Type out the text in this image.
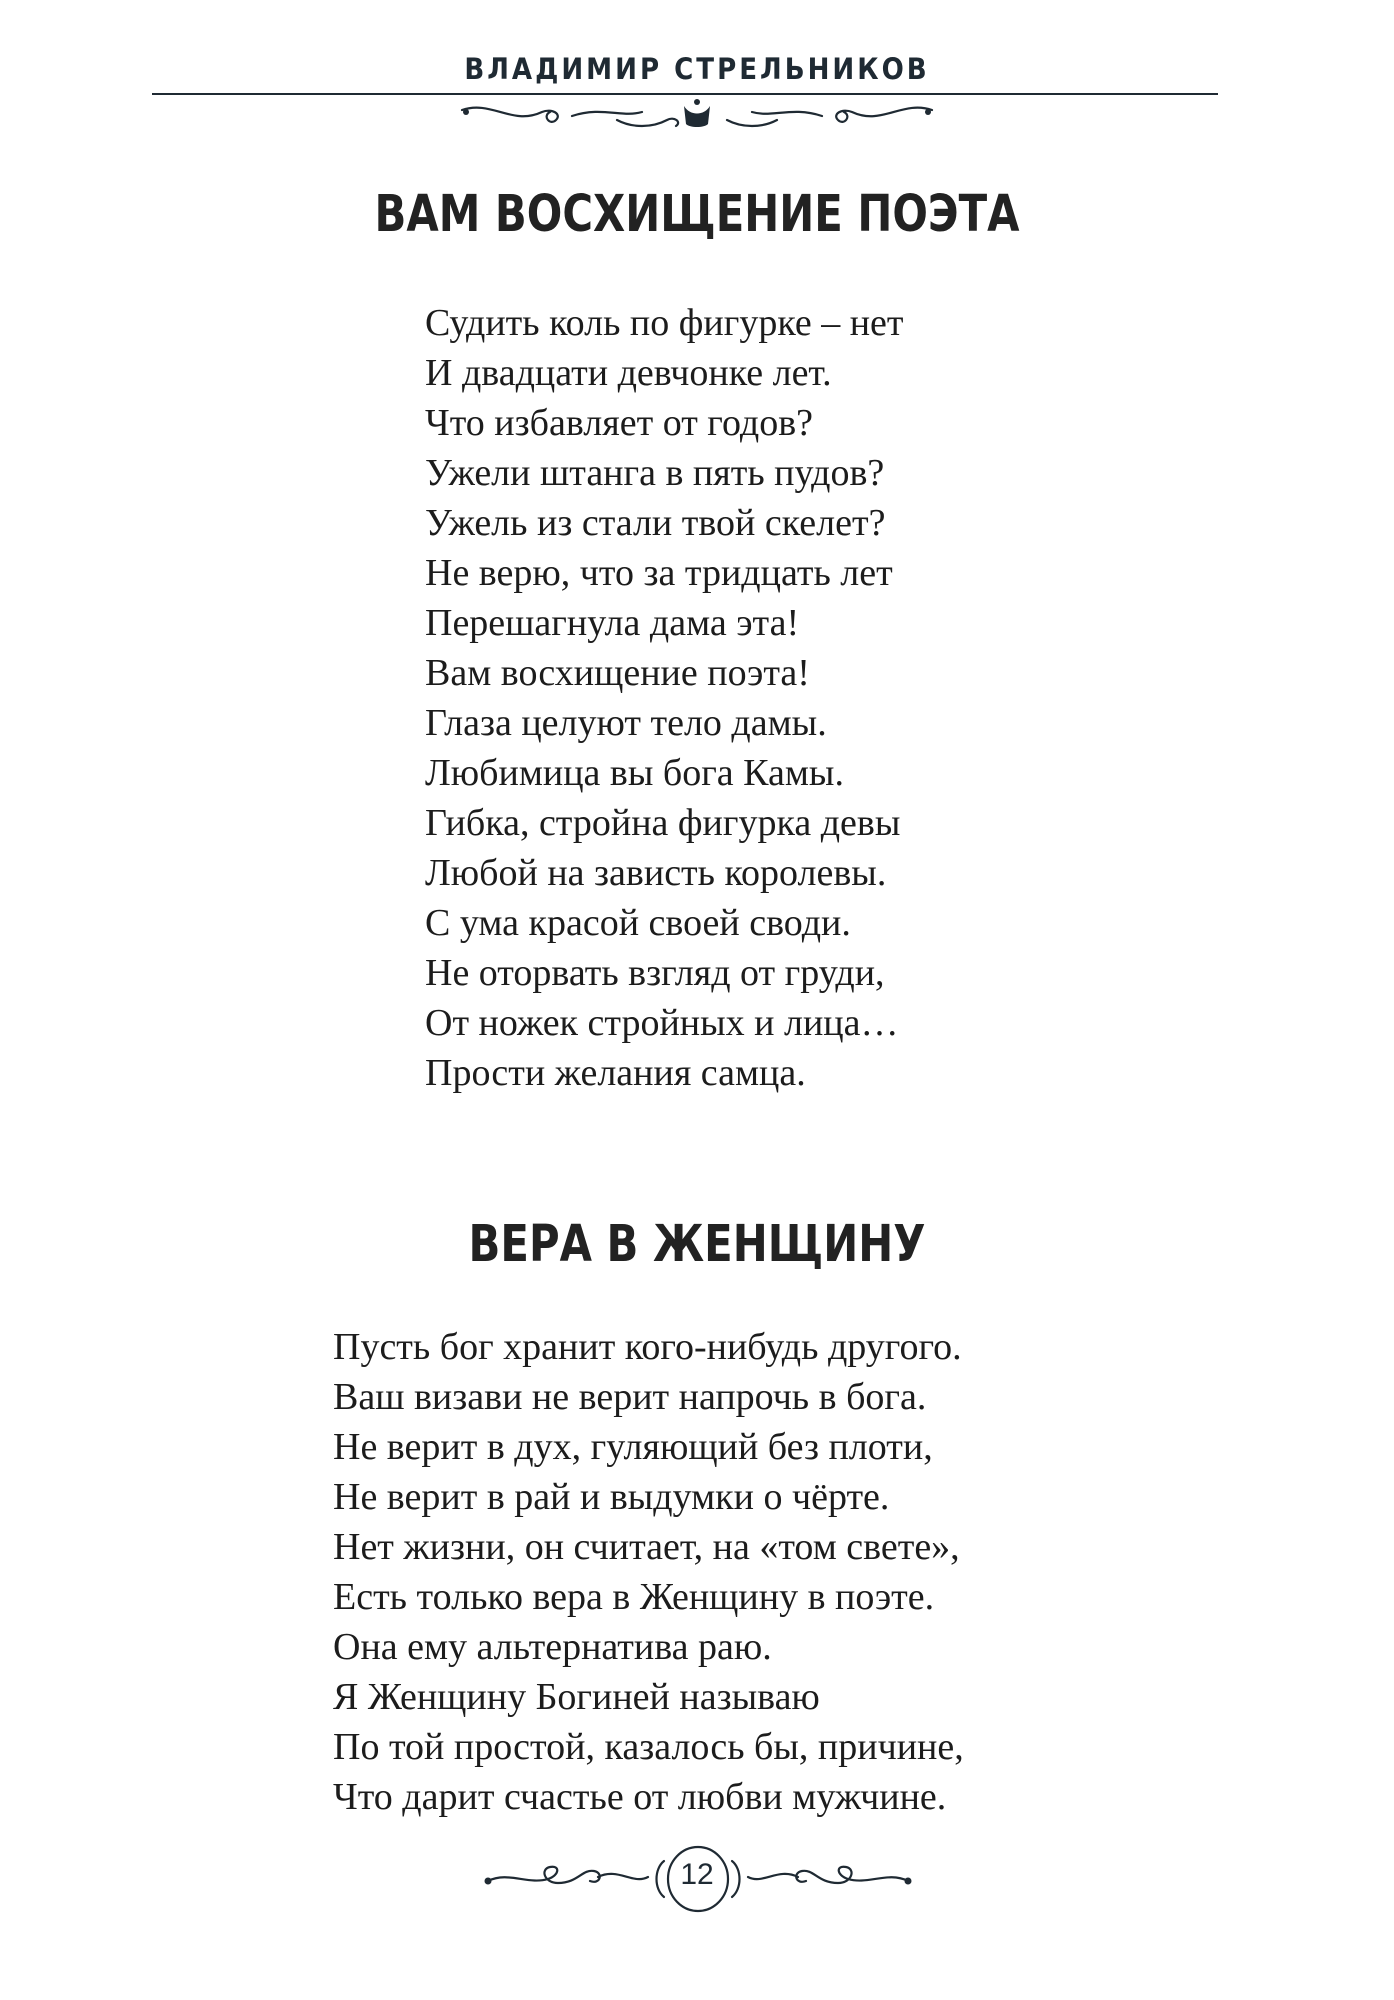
ВЛАДИМИР СТРЕЛЬНИКОВ
ВАМ ВОСХИЩЕНИЕ ПОЭТА
Судить коль по фигурке – нет
И двадцати девчонке лет.
Что избавляет от годов?
Ужели штанга в пять пудов?
Ужель из стали твой скелет?
Не верю, что за тридцать лет
Перешагнула дама эта!
Вам восхищение поэта!
Глаза целуют тело дамы.
Любимица вы бога Камы.
Гибка, стройна фигурка девы
Любой на зависть королевы.
С ума красой своей своди.
Не оторвать взгляд от груди,
От ножек стройных и лица…
Прости желания самца.
ВЕРА В ЖЕНЩИНУ
Пусть бог хранит кого-нибудь другого.
Ваш визави не верит напрочь в бога.
Не верит в дух, гуляющий без плоти,
Не верит в рай и выдумки о чёрте.
Нет жизни, он считает, на «том свете»,
Есть только вера в Женщину в поэте.
Она ему альтернатива раю.
Я Женщину Богиней называю
По той простой, казалось бы, причине,
Что дарит счастье от любви мужчине.
12
